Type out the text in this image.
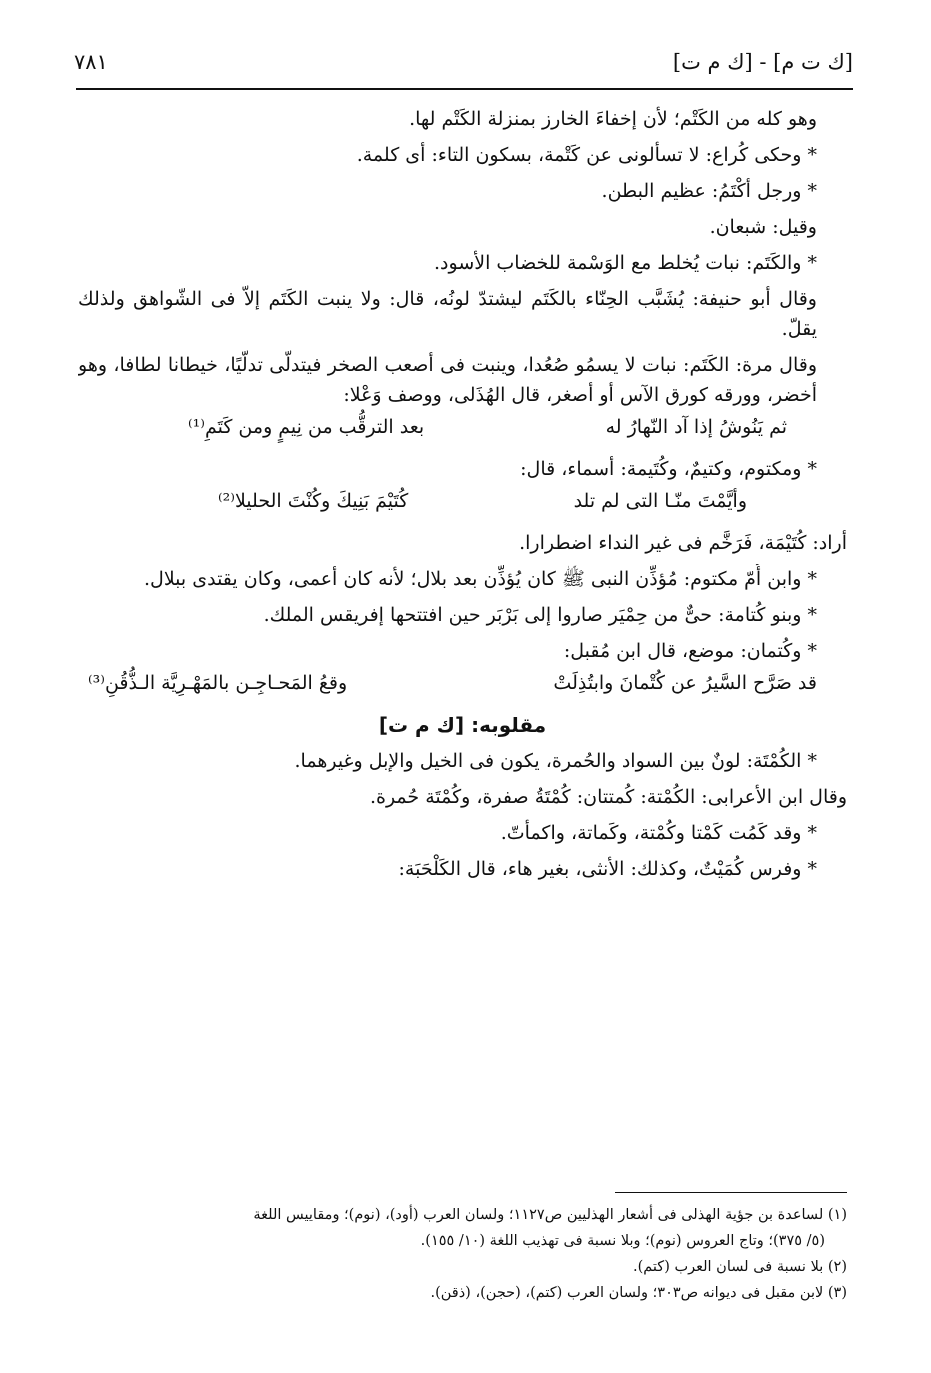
[ك ت م] - [ك م ت]
٧٨١

وهو كله من الكَتْم؛ لأن إخفاءَ الخارز بمنزلة الكَتْم لها.

* وحكى كُراع: لا تسألونى عن كَتْمة، بسكون التاء: أى كلمة.

* ورجل أكْتَمُ: عظيم البطن.

وقيل: شبعان.

* والكَتَم: نبات يُخلط مع الوَسْمة للخضاب الأسود.

وقال أبو حنيفة: يُشَبَّب الحِنّاء بالكَتَم ليشتدّ لونُه، قال: ولا ينبت الكَتَم إلاّ فى الشّواهق ولذلك يقلّ.

وقال مرة: الكَتَم: نبات لا يسمُو صُعُدا، وينبت فى أصعب الصخر فيتدلّى تدلّيًا، خيطانا لطافا، وهو أخضر، وورقه كورق الآس أو أصغر، قال الهُذَلى، ووصف وَعْلا:

ثم يَنُوشُ إذا آد النّهارُ له
بعد الترقُّب من نِيمٍ ومن كَتَمِ⁽¹⁾

* ومكتوم، وكتيمٌ، وكُتَيمة: أسماء، قال:

وأيَّمْتَ منّـا التى لم تلد
كُتَيْمَ بَنِيكَ وكُنْتَ الحليلا⁽²⁾

أراد: كُتَيْمَة، فَرَخَّم فى غير النداء اضطرارا.

* وابن أُمّ مكتوم: مُؤذِّن النبى ﷺ كان يُؤذِّن بعد بلال؛ لأنه كان أعمى، وكان يقتدى ببلال.

* وبنو كُتامة: حىٌّ من حِمْيَر صاروا إلى بَرْبَر حين افتتحها إفريقس الملك.

* وكُتمان: موضع، قال ابن مُقبل:

قد صَرَّح السَّيرُ عن كُتْمانَ وابتُذِلَتْ
وقعُ المَحـاجِـن بالمَهْـرِيَّة الـذُّقُنِ⁽³⁾
مقلوبه: [ك م ت]

* الكُمْتَة: لونٌ بين السواد والحُمرة، يكون فى الخيل والإبل وغيرهما.

وقال ابن الأعرابى: الكُمْتة: كُمتتان: كُمْتَةُ صفرة، وكُمْتَة حُمرة.

* وقد كَمُت كَمْتا وكُمْتة، وكَماتة، واكمأتّ.

* وفرس كُمَيْتٌ، وكذلك: الأنثى، بغير هاء، قال الكَلْحَبَة:

(١) لساعدة بن جؤية الهذلى فى أشعار الهذليين ص١١٢٧؛ ولسان العرب (أود)، (نوم)؛ ومقاييس اللغة

(٥/ ٣٧٥)؛ وتاج العروس (نوم)؛ وبلا نسبة فى تهذيب اللغة (١٠/ ١٥٥).

(٢) بلا نسبة فى لسان العرب (كتم).

(٣) لابن مقبل فى ديوانه ص٣٠٣؛ ولسان العرب (كتم)، (حجن)، (ذقن).
